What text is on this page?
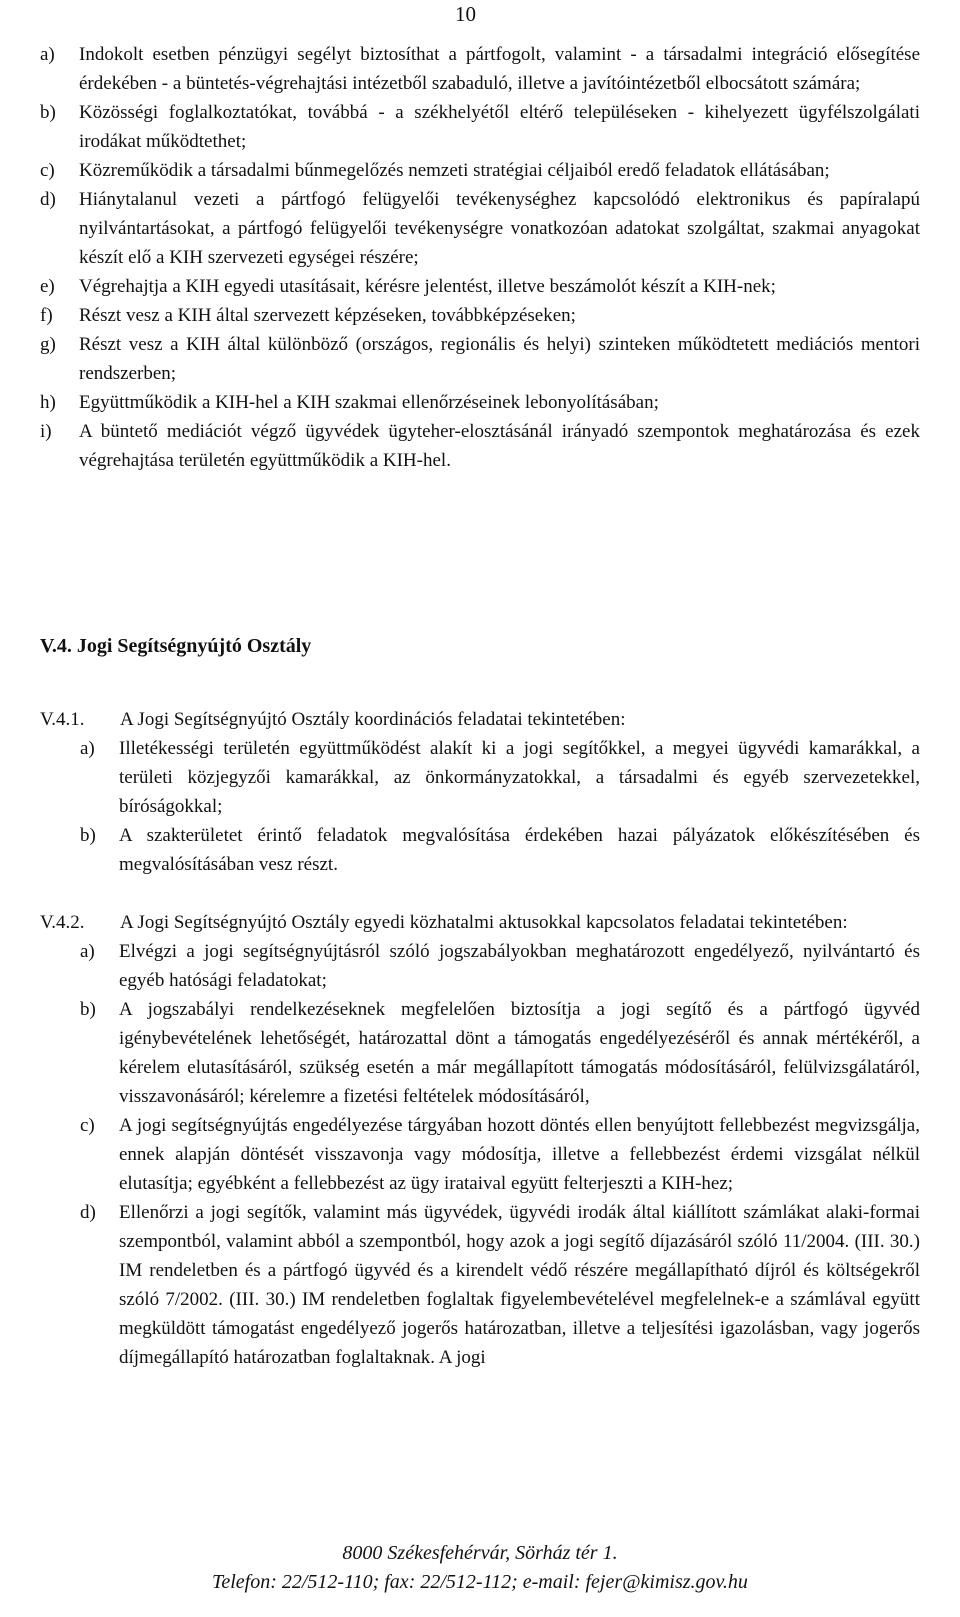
10
a)	Indokolt esetben pénzügyi segélyt biztosíthat a pártfogolt, valamint - a társadalmi integráció elősegítése érdekében - a büntetés-végrehajtási intézetből szabaduló, illetve a javítóintézetből elbocsátott számára;
b)	Közösségi foglalkoztatókat, továbbá - a székhelyétől eltérő településeken - kihelyezett ügyfélszolgálati irodákat működtethet;
c)	Közreműködik a társadalmi bűnmegelőzés nemzeti stratégiai céljaiból eredő feladatok ellátásában;
d)	Hiánytalanul vezeti a pártfogó felügyelői tevékenységhez kapcsolódó elektronikus és papíralapú nyilvántartásokat, a pártfogó felügyelői tevékenységre vonatkozóan adatokat szolgáltat, szakmai anyagokat készít elő a KIH szervezeti egységei részére;
e)	Végrehajtja a KIH egyedi utasításait, kérésre jelentést, illetve beszámolót készít a KIH-nek;
f)	Részt vesz a KIH által szervezett képzéseken, továbbképzéseken;
g)	Részt vesz a KIH által különböző (országos, regionális és helyi) szinteken működtetett mediációs mentori rendszerben;
h)	Együttműködik a KIH-hel a KIH szakmai ellenőrzéseinek lebonyolításában;
i)	A büntető mediációt végző ügyvédek ügyteher-elosztásánál irányadó szempontok meghatározása és ezek végrehajtása területén együttműködik a KIH-hel.
V.4. Jogi Segítségnyújtó Osztály
V.4.1.	A Jogi Segítségnyújtó Osztály koordinációs feladatai tekintetében:
a)	Illetékességi területén együttműködést alakít ki a jogi segítőkkel, a megyei ügyvédi kamarákkal, a területi közjegyzői kamarákkal, az önkormányzatokkal, a társadalmi és egyéb szervezetekkel, bíróságokkal;
b)	A szakterületet érintő feladatok megvalósítása érdekében hazai pályázatok előkészítésében és megvalósításában vesz részt.
V.4.2.	A Jogi Segítségnyújtó Osztály egyedi közhatalmi aktusokkal kapcsolatos feladatai tekintetében:
a)	Elvégzi a jogi segítségnyújtásról szóló jogszabályokban meghatározott engedélyező, nyilvántartó és egyéb hatósági feladatokat;
b)	A jogszabályi rendelkezéseknek megfelelően biztosítja a jogi segítő és a pártfogó ügyvéd igénybevételének lehetőségét, határozattal dönt a támogatás engedélyezéséről és annak mértékéről, a kérelem elutasításáról, szükség esetén a már megállapított támogatás módosításáról, felülvizsgálatáról, visszavonásáról; kérelemre a fizetési feltételek módosításáról,
c)	A jogi segítségnyújtás engedélyezése tárgyában hozott döntés ellen benyújtott fellebbezést megvizsgálja, ennek alapján döntését visszavonja vagy módosítja, illetve a fellebbezést érdemi vizsgálat nélkül elutasítja; egyébként a fellebbezést az ügy irataival együtt felterjeszti a KIH-hez;
d)	Ellenőrzi a jogi segítők, valamint más ügyvédek, ügyvédi irodák által kiállított számlákat alaki-formai szempontból, valamint abból a szempontból, hogy azok a jogi segítő díjazásáról szóló 11/2004. (III. 30.) IM rendeletben és a pártfogó ügyvéd és a kirendelt védő részére megállapítható díjról és költségekről szóló 7/2002. (III. 30.) IM rendeletben foglaltak figyelembevételével megfelelnek-e a számlával együtt megküldött támogatást engedélyező jogerős határozatban, illetve a teljesítési igazolásban, vagy jogerős díjmegállapító határozatban foglaltaknak. A jogi
8000 Székesfehérvár, Sörház tér 1.
Telefon: 22/512-110; fax: 22/512-112; e-mail: fejer@kimisz.gov.hu
